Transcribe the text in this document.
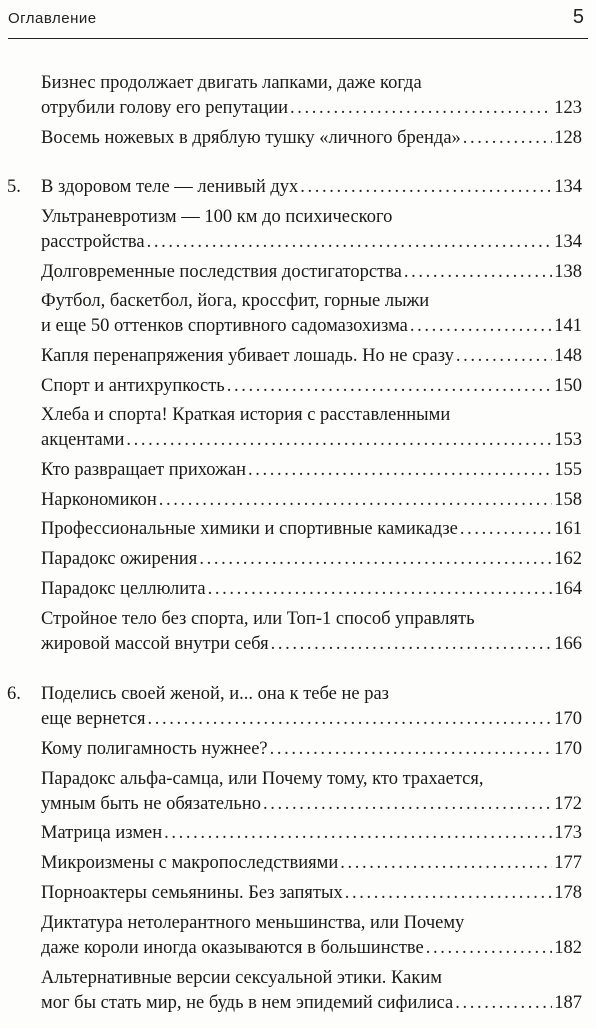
Оглавление	5
Бизнес продолжает двигать лапками, даже когда
отрубили голову его репутации . . .	123
Восемь ножевых в дряблую тушку «личного бренда» . . .	128
5. В здоровом теле — ленивый дух . . .	134
Ультраневротизм — 100 км до психического
расстройства . . .	134
Долговременные последствия достигаторства . . .	138
Футбол, баскетбол, йога, кроссфит, горные лыжи
и еще 50 оттенков спортивного садомазохизма . . .	141
Капля перенапряжения убивает лошадь. Но не сразу . . .	148
Спорт и антихрупкость . . .	150
Хлеба и спорта! Краткая история с расставленными
акцентами . . .	153
Кто развращает прихожан . . .	155
Наркономикон . . .	158
Профессиональные химики и спортивные камикадзе . . .	161
Парадокс ожирения . . .	162
Парадокс целлюлита . . .	164
Стройное тело без спорта, или Топ-1 способ управлять
жировой массой внутри себя . . .	166
6. Поделись своей женой, и... она к тебе не раз
еще вернется . . .	170
Кому полигамность нужнее? . . .	170
Парадокс альфа-самца, или Почему тому, кто трахается,
умным быть не обязательно . . .	172
Матрица измен . . .	173
Микроизмены с макропоследствиями . . .	177
Порноактеры семьянины. Без запятых . . .	178
Диктатура нетолерантного меньшинства, или Почему
даже короли иногда оказываются в большинстве . . .	182
Альтернативные версии сексуальной этики. Каким
мог бы стать мир, не будь в нем эпидемий сифилиса . . .	187
